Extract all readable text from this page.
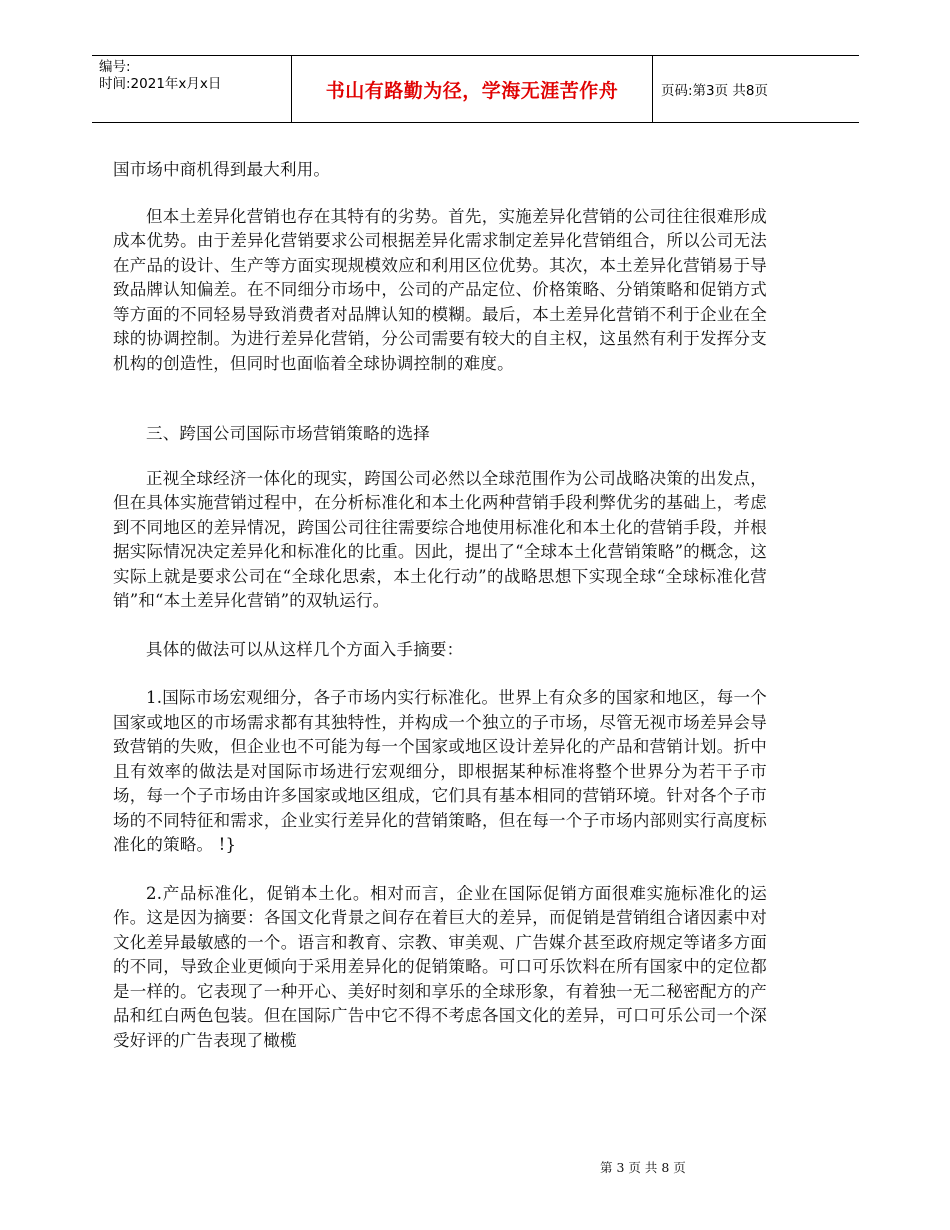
编号:
时间:2021年x月x日	书山有路勤为径，学海无涯苦作舟	页码:第3页 共8页

国市场中商机得到最大利用。

但本土差异化营销也存在其特有的劣势。首先，实施差异化营销的公司往往很难形成成本优势。由于差异化营销要求公司根据差异化需求制定差异化营销组合，所以公司无法在产品的设计、生产等方面实现规模效应和利用区位优势。其次，本土差异化营销易于导致品牌认知偏差。在不同细分市场中，公司的产品定位、价格策略、分销策略和促销方式等方面的不同轻易导致消费者对品牌认知的模糊。最后，本土差异化营销不利于企业在全球的协调控制。为进行差异化营销，分公司需要有较大的自主权，这虽然有利于发挥分支机构的创造性，但同时也面临着全球协调控制的难度。

三、跨国公司国际市场营销策略的选择

正视全球经济一体化的现实，跨国公司必然以全球范围作为公司战略决策的出发点，但在具体实施营销过程中，在分析标准化和本土化两种营销手段利弊优劣的基础上，考虑到不同地区的差异情况，跨国公司往往需要综合地使用标准化和本土化的营销手段，并根据实际情况决定差异化和标准化的比重。因此，提出了“全球本土化营销策略”的概念，这实际上就是要求公司在“全球化思索，本土化行动”的战略思想下实现全球“全球标准化营销”和“本土差异化营销”的双轨运行。

具体的做法可以从这样几个方面入手摘要：

1.国际市场宏观细分，各子市场内实行标准化。世界上有众多的国家和地区，每一个国家或地区的市场需求都有其独特性，并构成一个独立的子市场，尽管无视市场差异会导致营销的失败，但企业也不可能为每一个国家或地区设计差异化的产品和营销计划。折中且有效率的做法是对国际市场进行宏观细分，即根据某种标准将整个世界分为若干子市场，每一个子市场由许多国家或地区组成，它们具有基本相同的营销环境。针对各个子市场的不同特征和需求，企业实行差异化的营销策略，但在每一个子市场内部则实行高度标准化的策略。 !}

2.产品标准化，促销本土化。相对而言，企业在国际促销方面很难实施标准化的运作。这是因为摘要：各国文化背景之间存在着巨大的差异，而促销是营销组合诸因素中对文化差异最敏感的一个。语言和教育、宗教、审美观、广告媒介甚至政府规定等诸多方面的不同，导致企业更倾向于采用差异化的促销策略。可口可乐饮料在所有国家中的定位都是一样的。它表现了一种开心、美好时刻和享乐的全球形象，有着独一无二秘密配方的产品和红白两色包装。但在国际广告中它不得不考虑各国文化的差异，可口可乐公司一个深受好评的广告表现了橄榄

第 3 页 共 8 页
